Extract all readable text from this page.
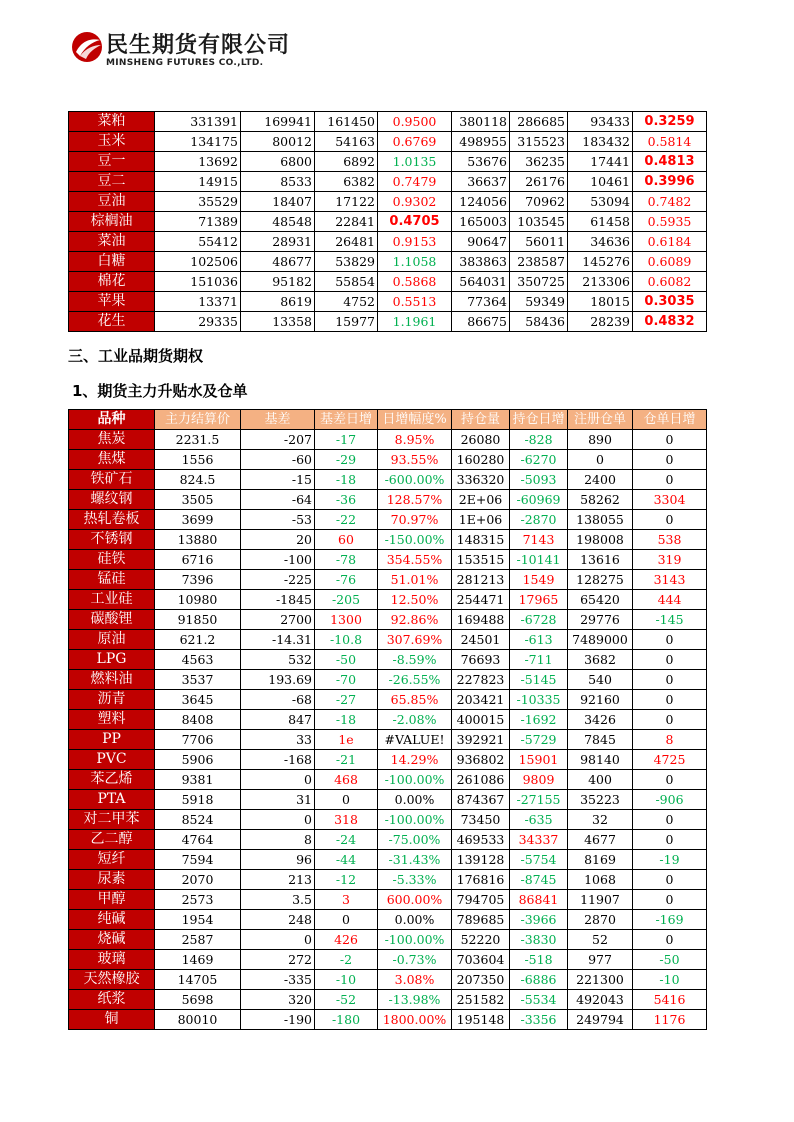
民生期货有限公司
MINSHENG FUTURES CO.,LTD.
菜粕	331391	169941	161450	0.9500	380118	286685	93433	0.3259
玉米	134175	80012	54163	0.6769	498955	315523	183432	0.5814
豆一	13692	6800	6892	1.0135	53676	36235	17441	0.4813
豆二	14915	8533	6382	0.7479	36637	26176	10461	0.3996
豆油	35529	18407	17122	0.9302	124056	70962	53094	0.7482
棕榈油	71389	48548	22841	0.4705	165003	103545	61458	0.5935
菜油	55412	28931	26481	0.9153	90647	56011	34636	0.6184
白糖	102506	48677	53829	1.1058	383863	238587	145276	0.6089
棉花	151036	95182	55854	0.5868	564031	350725	213306	0.6082
苹果	13371	8619	4752	0.5513	77364	59349	18015	0.3035
花生	29335	13358	15977	1.1961	86675	58436	28239	0.4832
三、工业品期货期权
1、期货主力升贴水及仓单
品种	主力结算价	基差	基差日增	日增幅度%	持仓量	持仓日增	注册仓单	仓单日增
焦炭	2231.5	-207	-17	8.95%	26080	-828	890	0
焦煤	1556	-60	-29	93.55%	160280	-6270	0	0
铁矿石	824.5	-15	-18	-600.00%	336320	-5093	2400	0
螺纹钢	3505	-64	-36	128.57%	2E+06	-60969	58262	3304
热轧卷板	3699	-53	-22	70.97%	1E+06	-2870	138055	0
不锈钢	13880	20	60	-150.00%	148315	7143	198008	538
硅铁	6716	-100	-78	354.55%	153515	-10141	13616	319
锰硅	7396	-225	-76	51.01%	281213	1549	128275	3143
工业硅	10980	-1845	-205	12.50%	254471	17965	65420	444
碳酸锂	91850	2700	1300	92.86%	169488	-6728	29776	-145
原油	621.2	-14.31	-10.8	307.69%	24501	-613	7489000	0
LPG	4563	532	-50	-8.59%	76693	-711	3682	0
燃料油	3537	193.69	-70	-26.55%	227823	-5145	540	0
沥青	3645	-68	-27	65.85%	203421	-10335	92160	0
塑料	8408	847	-18	-2.08%	400015	-1692	3426	0
PP	7706	33	1e	#VALUE!	392921	-5729	7845	8
PVC	5906	-168	-21	14.29%	936802	15901	98140	4725
苯乙烯	9381	0	468	-100.00%	261086	9809	400	0
PTA	5918	31	0	0.00%	874367	-27155	35223	-906
对二甲苯	8524	0	318	-100.00%	73450	-635	32	0
乙二醇	4764	8	-24	-75.00%	469533	34337	4677	0
短纤	7594	96	-44	-31.43%	139128	-5754	8169	-19
尿素	2070	213	-12	-5.33%	176816	-8745	1068	0
甲醇	2573	3.5	3	600.00%	794705	86841	11907	0
纯碱	1954	248	0	0.00%	789685	-3966	2870	-169
烧碱	2587	0	426	-100.00%	52220	-3830	52	0
玻璃	1469	272	-2	-0.73%	703604	-518	977	-50
天然橡胶	14705	-335	-10	3.08%	207350	-6886	221300	-10
纸浆	5698	320	-52	-13.98%	251582	-5534	492043	5416
铜	80010	-190	-180	1800.00%	195148	-3356	249794	1176
